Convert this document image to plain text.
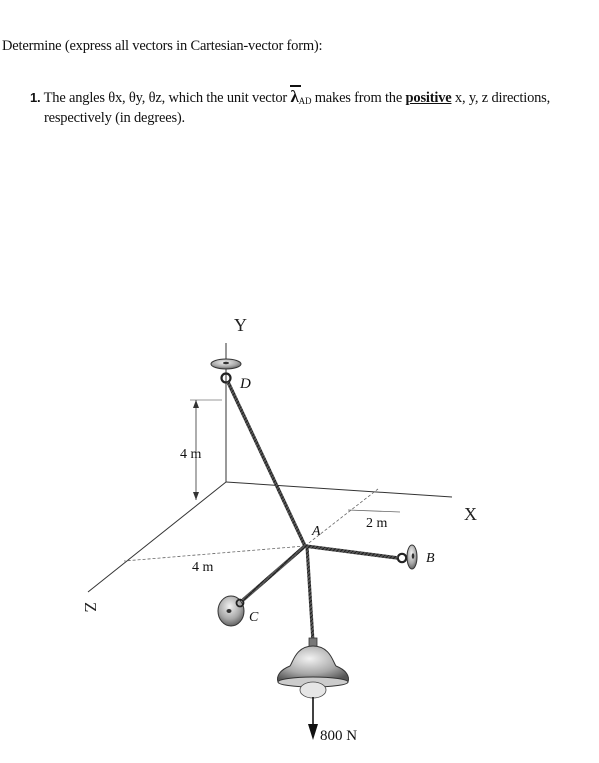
Determine (express all vectors in Cartesian-vector form):
1. The angles θx, θy, θz, which the unit vector $\lambda_{AD}$ makes from the positive x, y, z directions,
respectively (in degrees).
Y
X
Z
D
A
B
C
4 m
4 m
2 m
800 N
